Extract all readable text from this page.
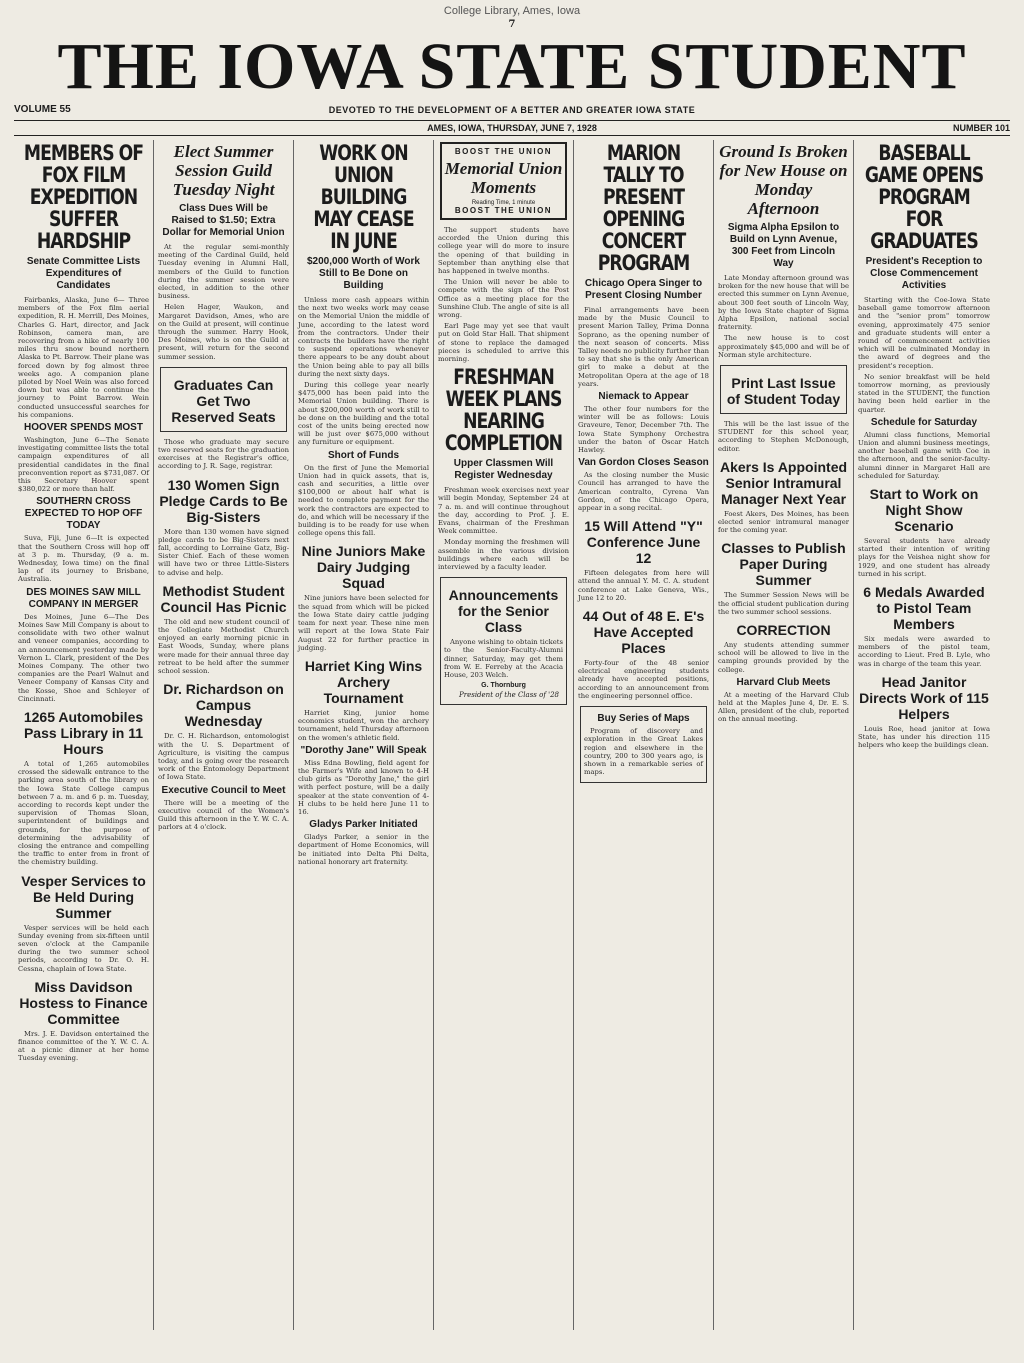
College Library, Ames, Iowa
7
THE IOWA STATE STUDENT
VOLUME 55	DEVOTED TO THE DEVELOPMENT OF A BETTER AND GREATER IOWA STATE
AMES, IOWA, THURSDAY, JUNE 7, 1928	NUMBER 101
MEMBERS OF FOX FILM EXPEDITION SUFFER HARDSHIP
Senate Committee Lists Expenditures of Candidates

Fairbanks, Alaska, June 6— Three members of the Fox film aerial expedition, R. H. Merrill, Des Moines, Charles G. Hart, director, and Jack Robinson, camera man, are recovering from a hike of nearly 100 miles thru snow bound northern Alaska to Pt. Barrow. Their plane was forced down by fog almost three weeks ago. A companion plane piloted by Noel Wein was also forced down but was able to continue the journey to Point Barrow. Wein conducted unsuccessful searches for his companions.

HOOVER SPENDS MOST

Washington, June 6—The Senate investigating committee lists the total campaign expenditures of all presidential candidates in the final preconvention report as $731,087. Of this Secretary Hoover spent $380,022 or more than half.

SOUTHERN CROSS EXPECTED TO HOP OFF TODAY

Suva, Fiji, June 6—It is expected that the Southern Cross will hop off at 3 p. m. Thursday, (9 a. m. Wednesday, Iowa time) on the final lap of its journey to Brisbane, Australia.

DES MOINES SAW MILL COMPANY IN MERGER

Des Moines, June 6—The Des Moines Saw Mill Company is about to consolidate with two other walnut and veneer companies, according to an announcement yesterday made by Vernon L. Clark, president of the Des Moines Company. The other two companies are the Pearl Walnut and Veneer Company of Kansas City and the Kosse, Shoe and Schleyer of Cincinnati.

1265 Automobiles Pass Library in 11 Hours

A total of 1,265 automobiles crossed the sidewalk entrance to the parking area south of the library on the Iowa State College campus between 7 a. m. and 6 p. m. Tuesday, according to records kept under the supervision of Thomas Sloan, superintendent of buildings and grounds, for the purpose of determining the advisability of closing the entrance and compelling the traffic to enter from in front of the chemistry building.

Vesper Services to Be Held During Summer

Vesper services will be held each Sunday evening from six-fifteen until seven o'clock at the Campanile during the two summer school periods, according to Dr. O. H. Cessna, chaplain of Iowa State.

Miss Davidson Hostess to Finance Committee

Mrs. J. E. Davidson entertained the finance committee of the Y. W. C. A. at a picnic dinner at her home Tuesday evening.

Elect Summer Session Guild Tuesday Night
Class Dues Will be Raised to $1.50; Extra Dollar for Memorial Union

At the regular semi-monthly meeting of the Cardinal Guild, held Tuesday evening in Alumni Hall, members of the Guild to function during the summer session were elected, in addition to the other business.

Helen Hager, Waukon, and Margaret Davidson, Ames, who are on the Guild at present, will continue through the summer. Harry Hook, Des Moines, who is on the Guild at present, will return for the second summer session.

Graduates Can Get Two Reserved Seats

Those who graduate may secure two reserved seats for the graduation exercises at the Registrar's office, according to J. R. Sage, registrar.

130 Women Sign Pledge Cards to Be Big-Sisters

More than 130 women have signed pledge cards to be Big-Sisters next fall, according to Lorraine Gatz, Big-Sister Chief. Each of these women will have two or three Little-Sisters to advise and help.

Methodist Student Council Has Picnic

The old and new student council of the Collegiate Methodist Church enjoyed an early morning picnic in East Woods, Sunday, where plans were made for their annual three day retreat to be held after the summer school session.

Dr. Richardson on Campus Wednesday

Dr. C. H. Richardson, entomologist with the U. S. Department of Agriculture, is visiting the campus today, and is going over the research work of the Entomology Department of Iowa State.

Executive Council to Meet

There will be a meeting of the executive council of the Women's Guild this afternoon in the Y. W. C. A. parlors at 4 o'clock.

WORK ON UNION BUILDING MAY CEASE IN JUNE
$200,000 Worth of Work Still to Be Done on Building

Unless more cash appears within the next two weeks work may cease on the Memorial Union the middle of June, according to the latest word from the contractors. Under their contracts the builders have the right to suspend operations whenever there appears to be any doubt about the Union being able to pay all bills during the next sixty days.

During this college year nearly $475,000 has been paid into the Memorial Union building. There is about $200,000 worth of work still to be done on the building and the total cost of the units being erected now will be just over $675,000 without any furniture or equipment.

Short of Funds

On the first of June the Memorial Union had in quick assets, that is, cash and securities, a little over $100,000 or about half what is needed to complete payment for the work the contractors are expected to do, and which will be necessary if the building is to be ready for use when college opens this fall.

Nine Juniors Make Dairy Judging Squad

Nine juniors have been selected for the squad from which will be picked the Iowa State dairy cattle judging team for next year. These nine men will report at the Iowa State Fair August 22 for further practice in judging.

Harriet King Wins Archery Tournament

Harriet King, junior home economics student, won the archery tournament, held Thursday afternoon on the women's athletic field.

"Dorothy Jane" Will Speak

Miss Edna Bowling, field agent for the Farmer's Wife and known to 4-H club girls as "Dorothy Jane," the girl with perfect posture, will be a daily speaker at the state convention of 4-H clubs to be held here June 11 to 16.

Gladys Parker Initiated

Gladys Parker, a senior in the department of Home Economics, will be initiated into Delta Phi Delta, national honorary art fraternity.

BOOST THE UNION
Memorial Union Moments
Reading Time, 1 minute
BOOST THE UNION

The support students have accorded the Union during this college year will do more to insure the opening of that building in September than anything else that has happened in twelve months.

The Union will never be able to compete with the sign of the Post Office as a meeting place for the Sunshine Club. The angle of site is all wrong.

Earl Page may yet see that vault put on Gold Star Hall. That shipment of stone to replace the damaged pieces is scheduled to arrive this morning.

FRESHMAN WEEK PLANS NEARING COMPLETION
Upper Classmen Will Register Wednesday

Freshman week exercises next year will begin Monday, September 24 at 7 a. m. and will continue throughout the day, according to Prof. J. E. Evans, chairman of the Freshman Week committee.

Monday morning the freshmen will assemble in the various division buildings where each will be interviewed by a faculty leader.

Announcements for the Senior Class

Anyone wishing to obtain tickets to the Senior-Faculty-Alumni dinner, Saturday, may get them from W. E. Ferreby at the Acacia House, 203 Welch.

G. Thornburg
President of the Class of '28
MARION TALLY TO PRESENT OPENING CONCERT PROGRAM
Chicago Opera Singer to Present Closing Number

Final arrangements have been made by the Music Council to present Marion Talley, Prima Donna Soprano, as the opening number of the next season of concerts. Miss Talley needs no publicity further than to say that she is the only American girl to make a debut at the Metropolitan Opera at the age of 18 years.

Niemack to Appear

The other four numbers for the winter will be as follows: Louis Graveure, Tenor, December 7th. The Iowa State Symphony Orchestra under the baton of Oscar Hatch Hawley.

Van Gordon Closes Season

As the closing number the Music Council has arranged to have the American contralto, Cyrena Van Gordon, of the Chicago Opera, appear in a song recital.

15 Will Attend "Y" Conference June 12

Fifteen delegates from here will attend the annual Y. M. C. A. student conference at Lake Geneva, Wis., June 12 to 20.

44 Out of 48 E. E's Have Accepted Places

Forty-four of the 48 senior electrical engineering students already have accepted positions, according to an announcement from the engineering personnel office.

Buy Series of Maps

Program of discovery and exploration in the Great Lakes region and elsewhere in the country, 200 to 300 years ago, is shown in a remarkable series of maps.

Ground Is Broken for New House on Monday Afternoon
Sigma Alpha Epsilon to Build on Lynn Avenue, 300 Feet from Lincoln Way

Late Monday afternoon ground was broken for the new house that will be erected this summer on Lynn Avenue, about 300 feet south of Lincoln Way, by the Iowa State chapter of Sigma Alpha Epsilon, national social fraternity.

The new house is to cost approximately $45,000 and will be of Norman style architecture.

Print Last Issue of Student Today

This will be the last issue of the STUDENT for this school year, according to Stephen McDonough, editor.

Akers Is Appointed Senior Intramural Manager Next Year

Foest Akers, Des Moines, has been elected senior intramural manager for the coming year.

Classes to Publish Paper During Summer

The Summer Session News will be the official student publication during the two summer school sessions.

CORRECTION

Any students attending summer school will be allowed to live in the camping grounds provided by the college.

Harvard Club Meets

At a meeting of the Harvard Club held at the Maples June 4, Dr. E. S. Allen, president of the club, reported on the annual meeting.

BASEBALL GAME OPENS PROGRAM FOR GRADUATES
President's Reception to Close Commencement Activities

Starting with the Coe-Iowa State baseball game tomorrow afternoon and the "senior prom" tomorrow evening, approximately 475 senior and graduate students will enter a round of commencement activities which will be culminated Monday in the award of degrees and the president's reception.

No senior breakfast will be held tomorrow morning, as previously stated in the STUDENT, the function having been held earlier in the quarter.

Schedule for Saturday

Alumni class functions, Memorial Union and alumni business meetings, another baseball game with Coe in the afternoon, and the senior-faculty-alumni dinner in Margaret Hall are scheduled for Saturday.

Start to Work on Night Show Scenario

Several students have already started their intention of writing plays for the Veishea night show for 1929, and one student has already turned in his script.

6 Medals Awarded to Pistol Team Members

Six medals were awarded to members of the pistol team, according to Lieut. Fred B. Lyle, who was in charge of the team this year.

Head Janitor Directs Work of 115 Helpers

Louis Roe, head janitor at Iowa State, has under his direction 115 helpers who keep the buildings clean.
